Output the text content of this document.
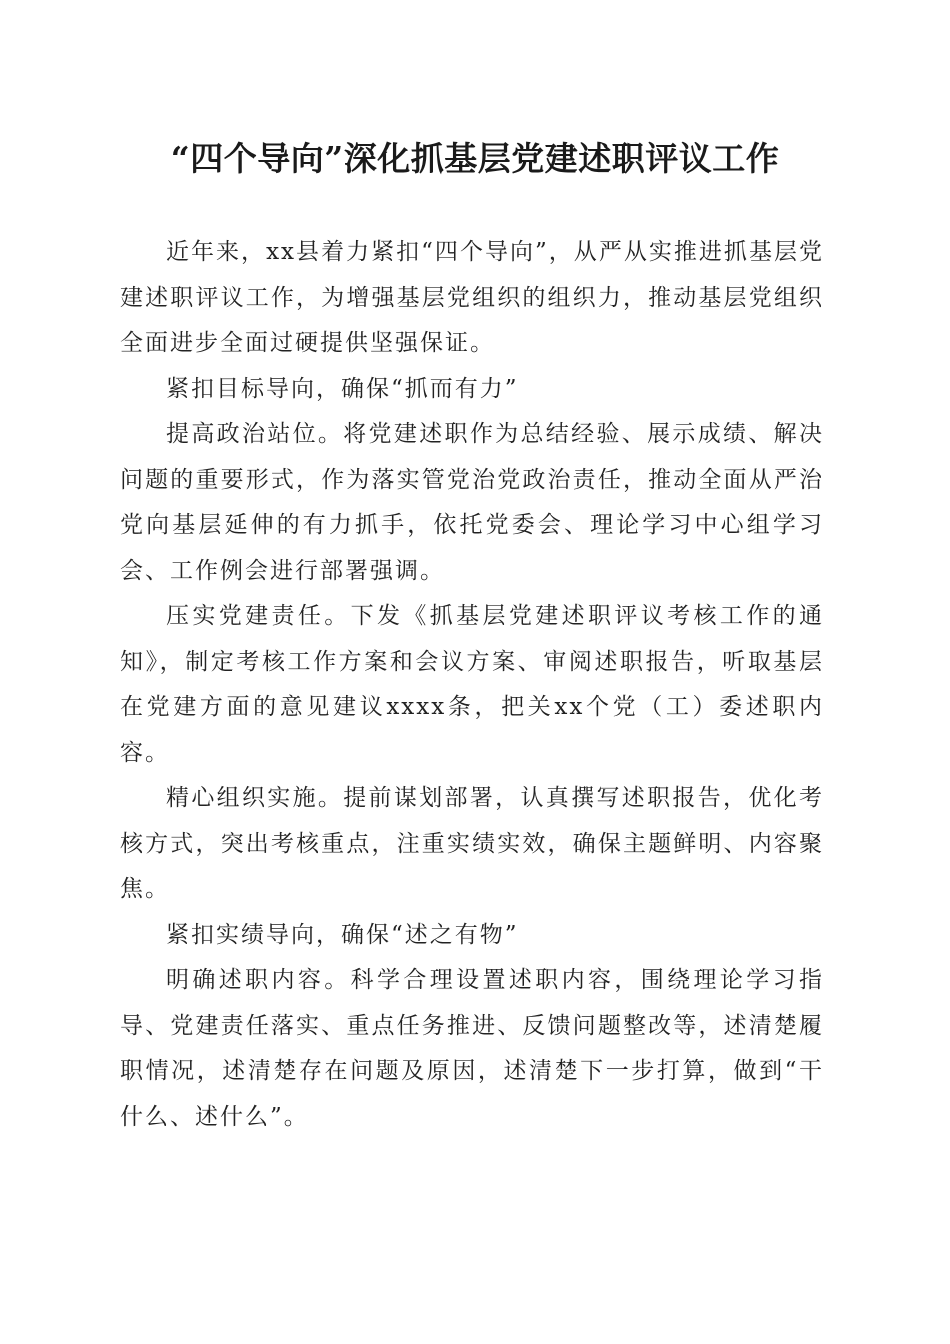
“四个导向”深化抓基层党建述职评议工作

近年来，xx县着力紧扣“四个导向”，从严从实推进抓基层党建述职评议工作，为增强基层党组织的组织力，推动基层党组织全面进步全面过硬提供坚强保证。

紧扣目标导向，确保“抓而有力”

提高政治站位。将党建述职作为总结经验、展示成绩、解决问题的重要形式，作为落实管党治党政治责任，推动全面从严治党向基层延伸的有力抓手，依托党委会、理论学习中心组学习会、工作例会进行部署强调。

压实党建责任。下发《抓基层党建述职评议考核工作的通知》，制定考核工作方案和会议方案、审阅述职报告，听取基层在党建方面的意见建议xxxx条，把关xx个党（工）委述职内容。

精心组织实施。提前谋划部署，认真撰写述职报告，优化考核方式，突出考核重点，注重实绩实效，确保主题鲜明、内容聚焦。

紧扣实绩导向，确保“述之有物”

明确述职内容。科学合理设置述职内容，围绕理论学习指导、党建责任落实、重点任务推进、反馈问题整改等，述清楚履职情况，述清楚存在问题及原因，述清楚下一步打算，做到“干什么、述什么”。
